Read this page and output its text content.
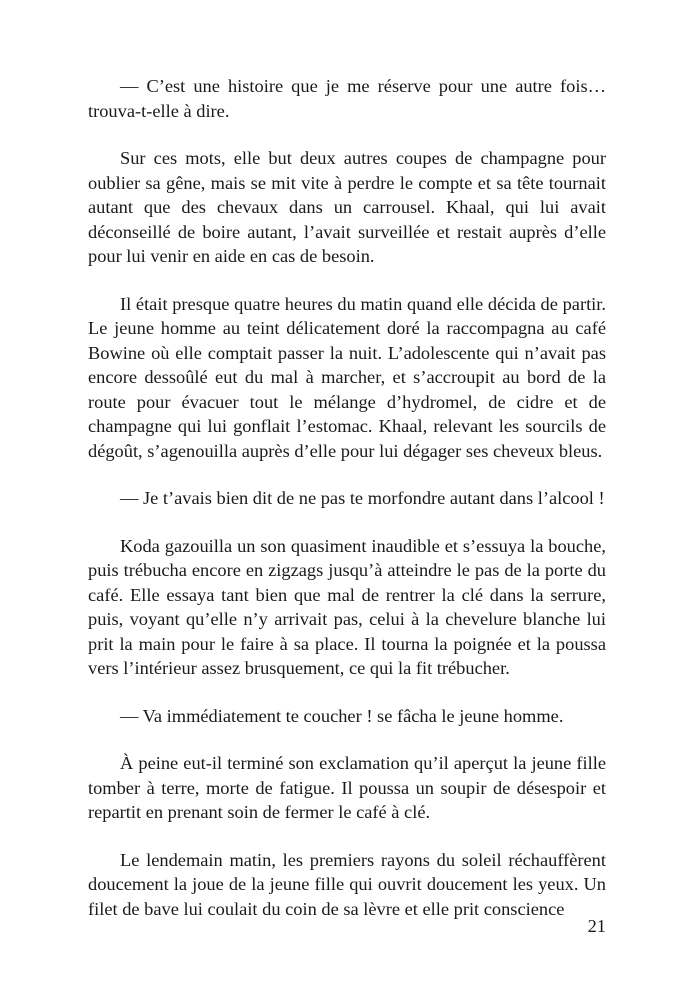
— C’est une histoire que je me réserve pour une autre fois… trouva-t-elle à dire.

Sur ces mots, elle but deux autres coupes de champagne pour oublier sa gêne, mais se mit vite à perdre le compte et sa tête tournait autant que des chevaux dans un carrousel. Khaal, qui lui avait déconseillé de boire autant, l’avait surveillée et restait auprès d’elle pour lui venir en aide en cas de besoin.

Il était presque quatre heures du matin quand elle décida de partir. Le jeune homme au teint délicatement doré la raccompagna au café Bowine où elle comptait passer la nuit. L’adolescente qui n’avait pas encore dessoûlé eut du mal à marcher, et s’accroupit au bord de la route pour évacuer tout le mélange d’hydromel, de cidre et de champagne qui lui gonflait l’estomac. Khaal, relevant les sourcils de dégoût, s’agenouilla auprès d’elle pour lui dégager ses cheveux bleus.

— Je t’avais bien dit de ne pas te morfondre autant dans l’alcool !

Koda gazouilla un son quasiment inaudible et s’essuya la bouche, puis trébucha encore en zigzags jusqu’à atteindre le pas de la porte du café. Elle essaya tant bien que mal de rentrer la clé dans la serrure, puis, voyant qu’elle n’y arrivait pas, celui à la chevelure blanche lui prit la main pour le faire à sa place. Il tourna la poignée et la poussa vers l’intérieur assez brusquement, ce qui la fit trébucher.

— Va immédiatement te coucher ! se fâcha le jeune homme.

À peine eut-il terminé son exclamation qu’il aperçut la jeune fille tomber à terre, morte de fatigue. Il poussa un soupir de désespoir et repartit en prenant soin de fermer le café à clé.

Le lendemain matin, les premiers rayons du soleil réchauffèrent doucement la joue de la jeune fille qui ouvrit doucement les yeux. Un filet de bave lui coulait du coin de sa lèvre et elle prit conscience

21
